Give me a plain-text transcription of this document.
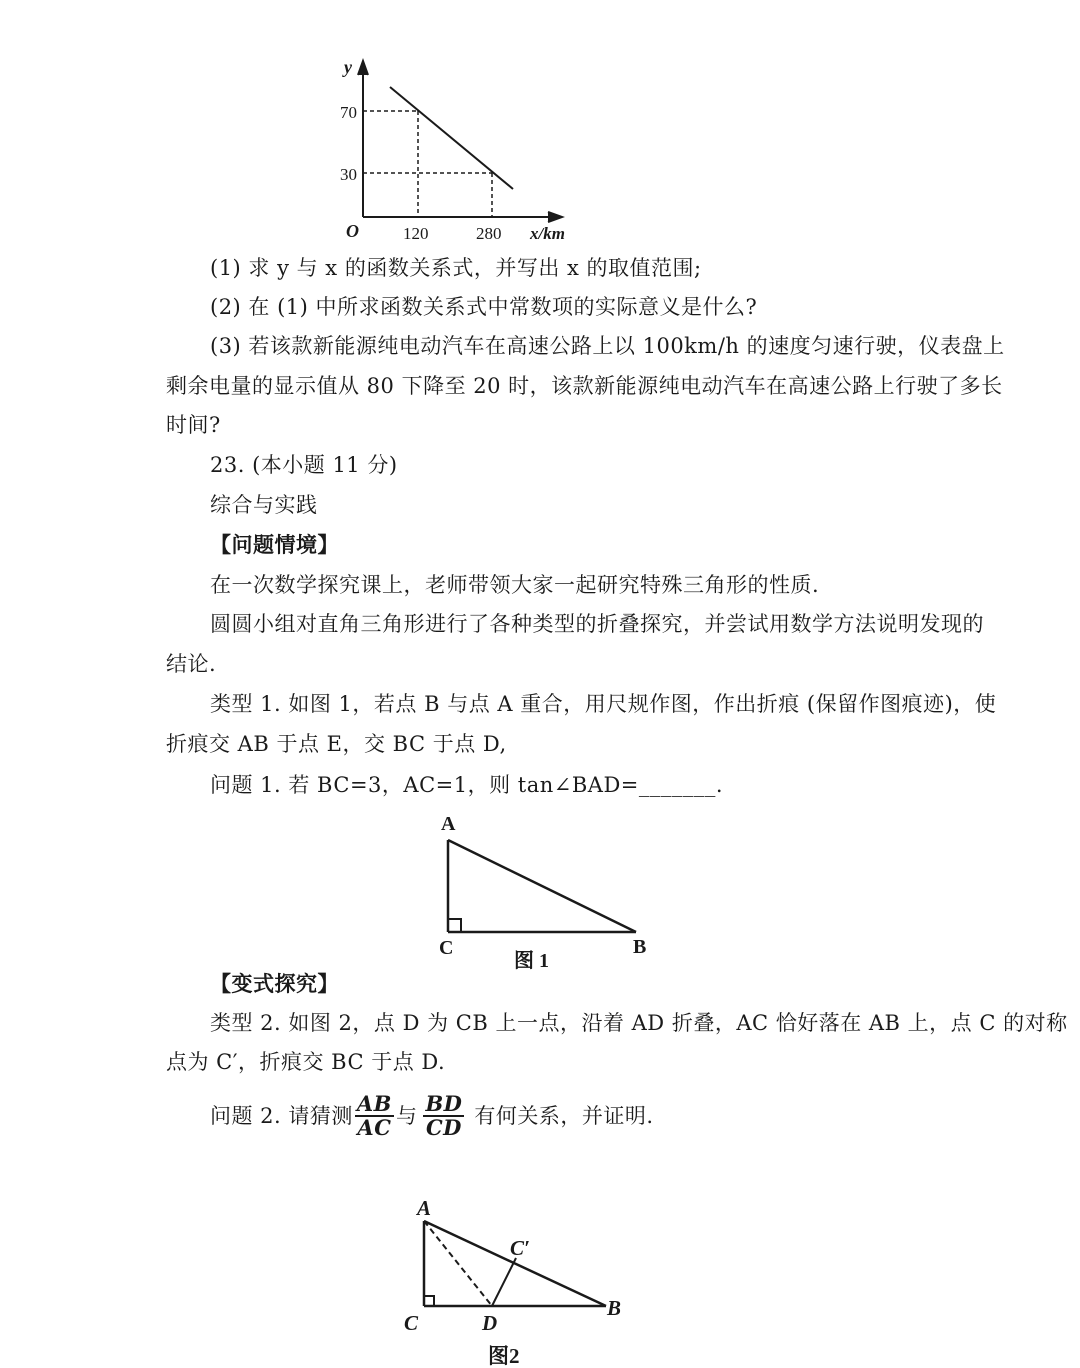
y
70
30
O	120	280 x/km
(1) 求 y 与 x 的函数关系式，并写出 x 的取值范围;
(2) 在 (1) 中所求函数关系式中常数项的实际意义是什么?
(3) 若该款新能源纯电动汽车在高速公路上以 100km/h 的速度匀速行驶，仪表盘上
剩余电量的显示值从 80 下降至 20 时，该款新能源纯电动汽车在高速公路上行驶了多长
时间?
23. (本小题 11 分)
综合与实践
【问题情境】
在一次数学探究课上，老师带领大家一起研究特殊三角形的性质.
圆圆小组对直角三角形进行了各种类型的折叠探究，并尝试用数学方法说明发现的
结论.
类型 1. 如图 1，若点 B 与点 A 重合，用尺规作图，作出折痕 (保留作图痕迹)，使
折痕交 AB 于点 E，交 BC 于点 D,
问题 1. 若 BC=3，AC=1，则 tan∠BAD=_______.
A
C	B
图 1
【变式探究】
类型 2. 如图 2，点 D 为 CB 上一点，沿着 AD 折叠，AC 恰好落在 AB 上，点 C 的对称
点为 C′，折痕交 BC 于点 D.
问题 2. 请猜测 $\frac{AB}{AC}$ 与 $\frac{BD}{CD}$ 有何关系，并证明.
A
C′
C	D
B
图2
